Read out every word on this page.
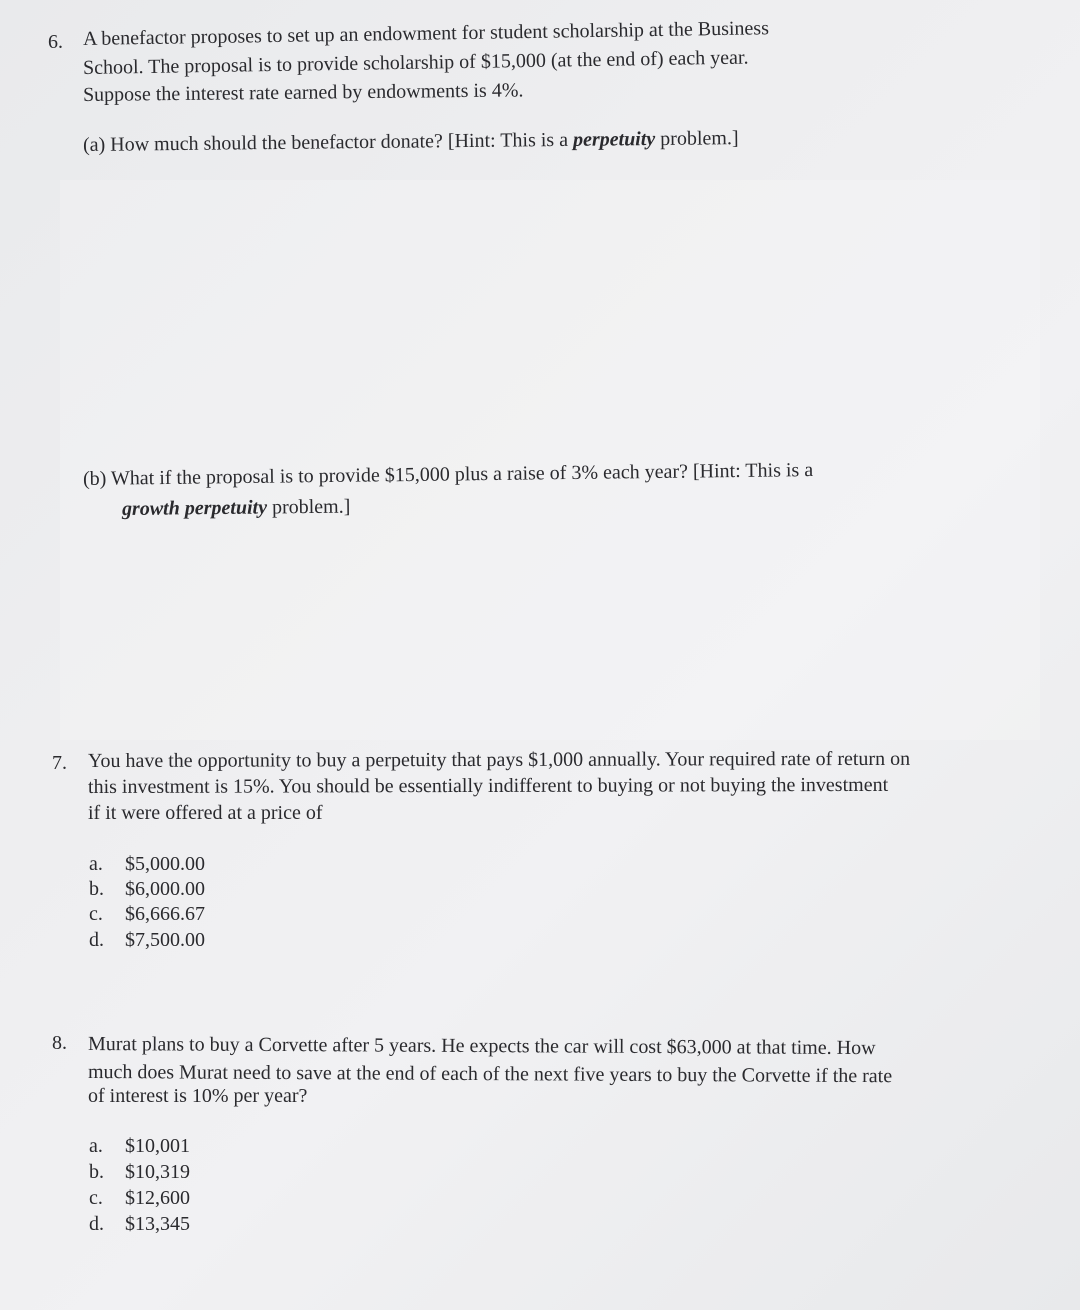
6. A benefactor proposes to set up an endowment for student scholarship at the Business
School. The proposal is to provide scholarship of $15,000 (at the end of) each year.
Suppose the interest rate earned by endowments is 4%.
(a) How much should the benefactor donate? [Hint: This is a perpetuity problem.]
(b) What if the proposal is to provide $15,000 plus a raise of 3% each year? [Hint: This is a
growth perpetuity problem.]
7. You have the opportunity to buy a perpetuity that pays $1,000 annually. Your required rate of return on
this investment is 15%. You should be essentially indifferent to buying or not buying the investment
if it were offered at a price of
a. $5,000.00
b. $6,000.00
c. $6,666.67
d. $7,500.00
8. Murat plans to buy a Corvette after 5 years. He expects the car will cost $63,000 at that time. How
much does Murat need to save at the end of each of the next five years to buy the Corvette if the rate
of interest is 10% per year?
a. $10,001
b. $10,319
c. $12,600
d. $13,345
